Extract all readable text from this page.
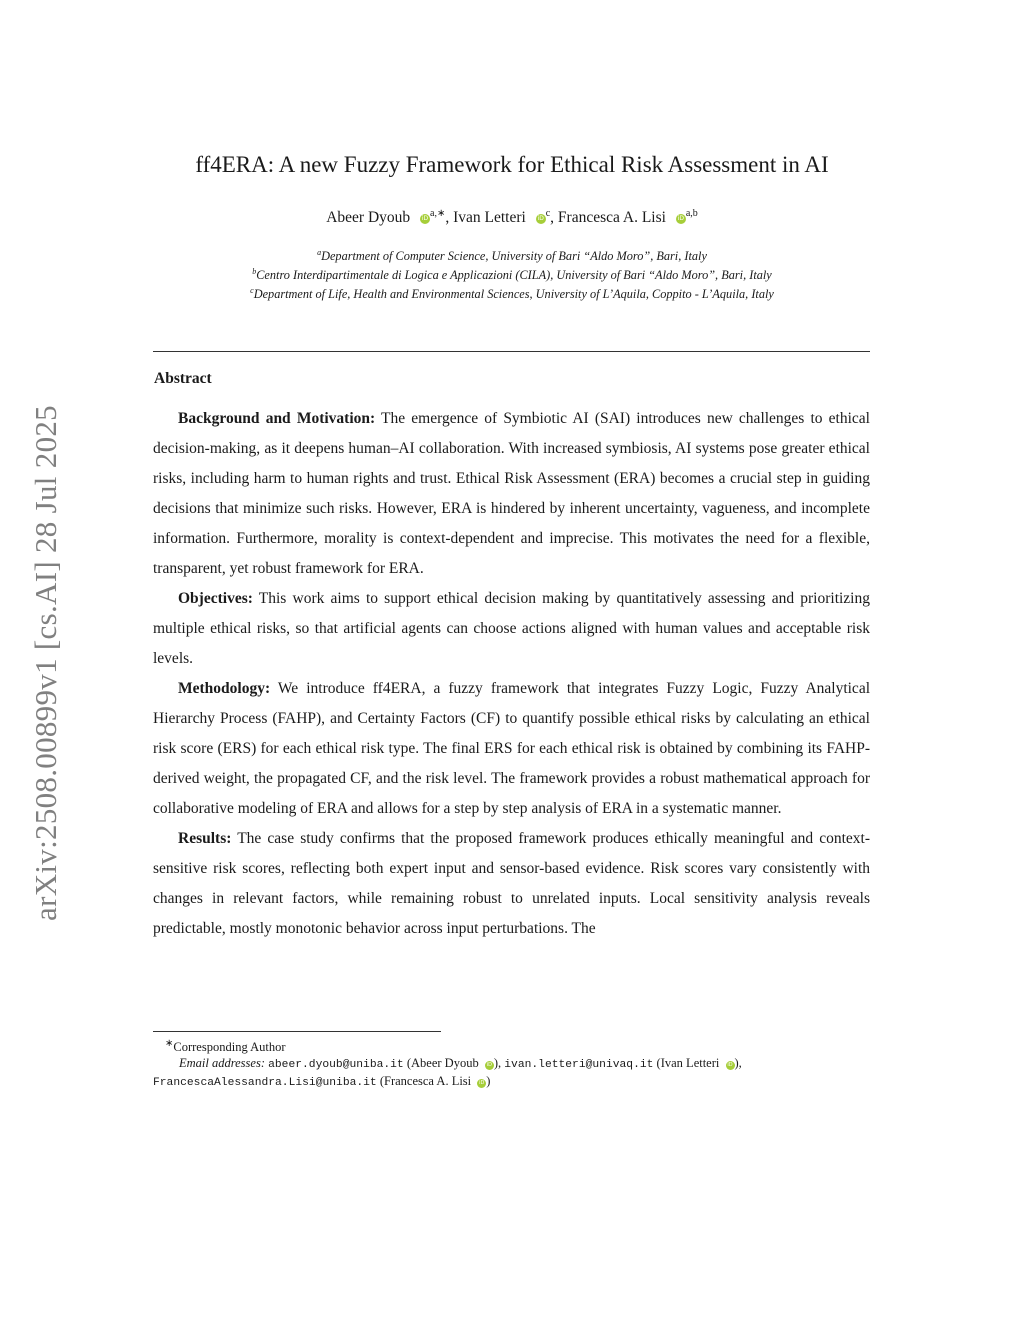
arXiv:2508.00899v1 [cs.AI] 28 Jul 2025
ff4ERA: A new Fuzzy Framework for Ethical Risk Assessment in AI
Abeer Dyoub iD $^{a,∗}$, Ivan Letteri iD $^c$, Francesca A. Lisi iD $^{a,b}$
$^a$Department of Computer Science, University of Bari “Aldo Moro”, Bari, Italy
$^b$Centro Interdipartimentale di Logica e Applicazioni (CILA), University of Bari “Aldo Moro”, Bari, Italy
$^c$Department of Life, Health and Environmental Sciences, University of L’Aquila, Coppito - L’Aquila, Italy
Abstract

Background and Motivation: The emergence of Symbiotic AI (SAI) introduces new challenges to ethical decision-making, as it deepens human–AI collaboration. With increased symbiosis, AI systems pose greater ethical risks, including harm to human rights and trust. Ethical Risk Assessment (ERA) becomes a crucial step in guiding decisions that minimize such risks. However, ERA is hindered by inherent uncertainty, vagueness, and incomplete information. Furthermore, morality is context-dependent and imprecise. This motivates the need for a flexible, transparent, yet robust framework for ERA.

Objectives: This work aims to support ethical decision making by quantitatively assessing and prioritizing multiple ethical risks, so that artificial agents can choose actions aligned with human values and acceptable risk levels.

Methodology: We introduce ff4ERA, a fuzzy framework that integrates Fuzzy Logic, Fuzzy Analytical Hierarchy Process (FAHP), and Certainty Factors (CF) to quantify possible ethical risks by calculating an ethical risk score (ERS) for each ethical risk type. The final ERS for each ethical risk is obtained by combining its FAHP-derived weight, the propagated CF, and the risk level. The framework provides a robust mathematical approach for collaborative modeling of ERA and allows for a step by step analysis of ERA in a systematic manner.

Results: The case study confirms that the proposed framework produces ethically meaningful and context-sensitive risk scores, reflecting both expert input and sensor-based evidence. Risk scores vary consistently with changes in relevant factors, while remaining robust to unrelated inputs. Local sensitivity analysis reveals predictable, mostly monotonic behavior across input perturbations. The

∗Corresponding Author
Email addresses: abeer.dyoub@uniba.it (Abeer Dyoub iD ), ivan.letteri@univaq.it (Ivan Letteri iD ),
FrancescaAlessandra.Lisi@uniba.it (Francesca A. Lisi iD )
